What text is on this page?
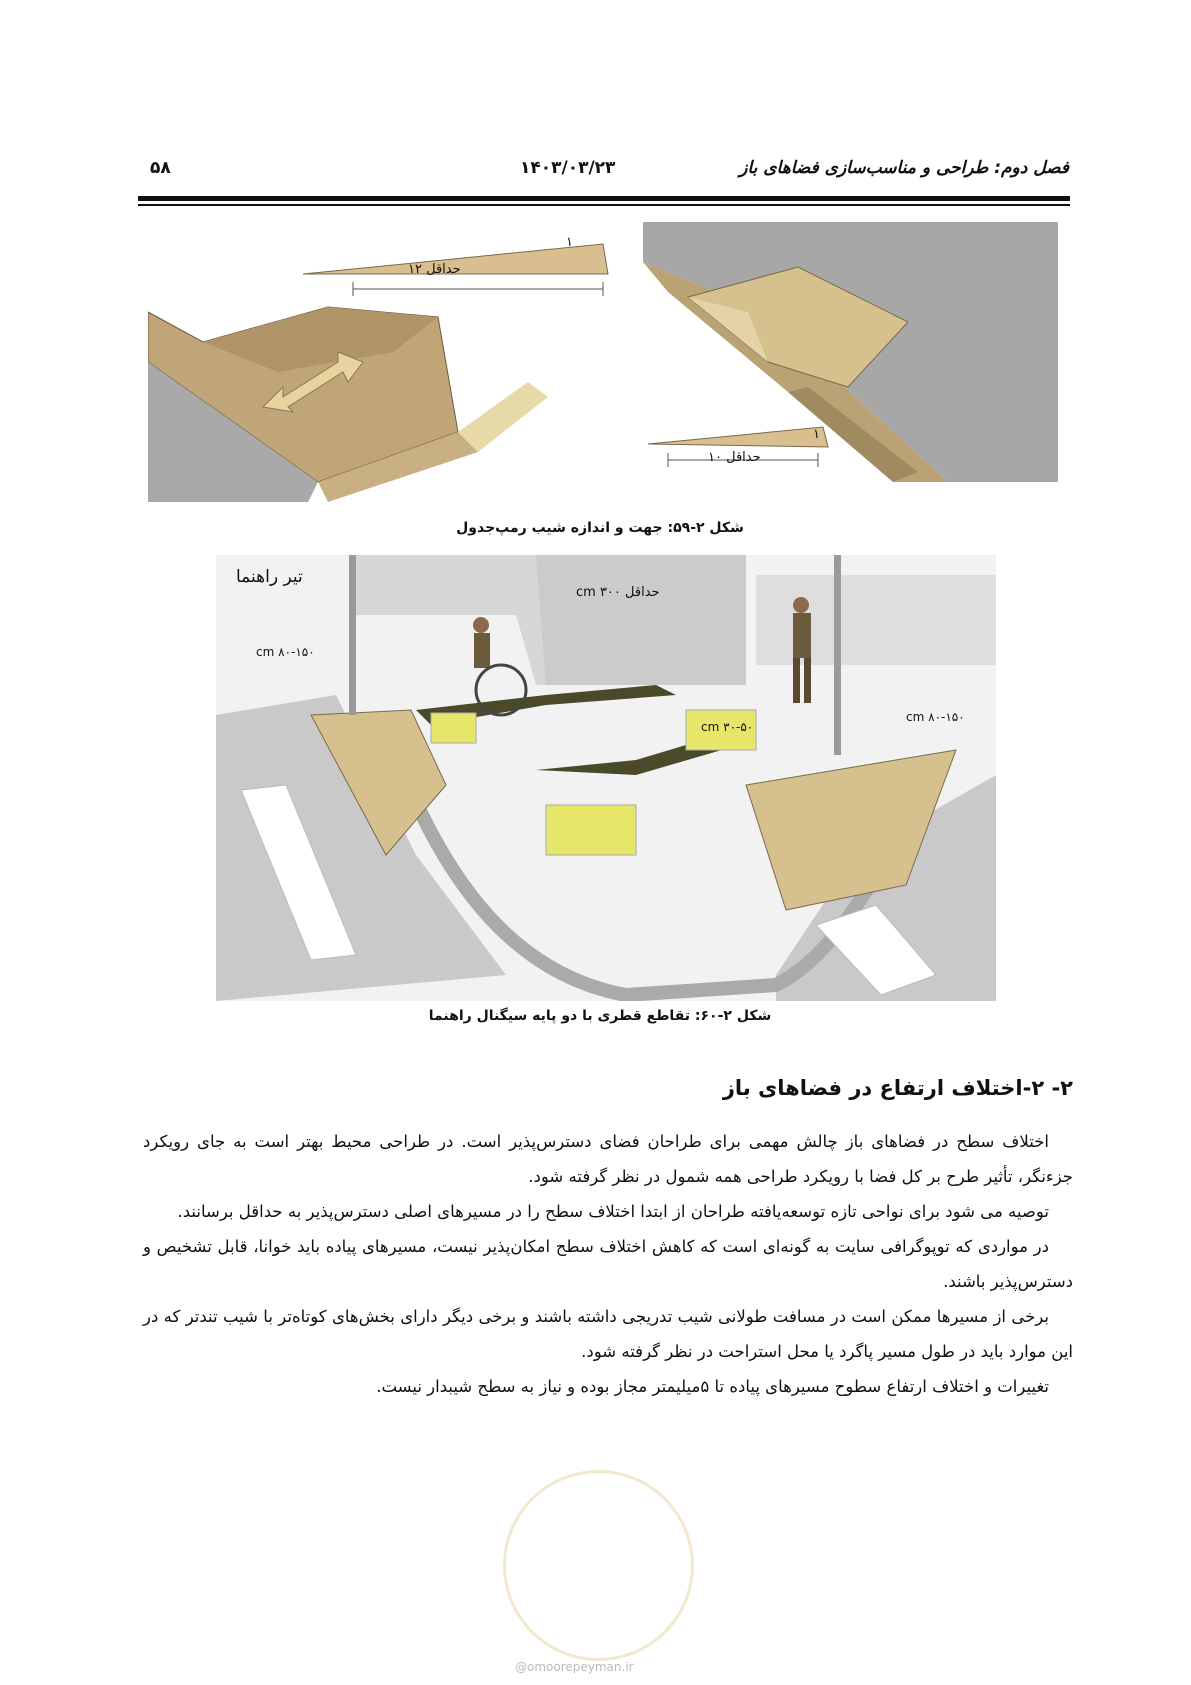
۵۸	۱۴۰۳/۰۳/۲۳	فصل دوم: طراحی و مناسب‌سازی فضاهای باز
حداقل ۱۲
۱
حداقل ۱۰
۱
شکل ۲-۵۹: جهت و اندازه شیب رمپ‌جدول
تیر راهنما
حداقل ۳۰۰ cm
۸۰-۱۵۰ cm
۸۰-۱۵۰ cm
۳۰-۵۰ cm
شکل ۲-۶۰: تقاطع قطری با دو پایه سیگنال راهنما
۲- ۲-اختلاف ارتفاع در فضاهای باز

اختلاف سطح در فضاهای باز چالش مهمی برای طراحان فضای دسترس‌پذیر است. در طراحی محیط بهتر است به جای رویکرد جزءنگر، تأثیر طرح بر کل فضا با رویکرد طراحی همه شمول در نظر گرفته شود.

توصیه می شود برای نواحی تازه توسعه‌یافته طراحان از ابتدا اختلاف سطح را در مسیرهای اصلی دسترس‌پذیر به حداقل برسانند.

در مواردی که توپوگرافی سایت به گونه‌ای است که کاهش اختلاف سطح امکان‌پذیر نیست، مسیرهای پیاده باید خوانا، قابل تشخیص و دسترس‌پذیر باشند.

برخی از مسیرها ممکن است در مسافت طولانی شیب تدریجی داشته باشند و برخی دیگر دارای بخش‌های کوتاه‌تر با شیب تندتر که در این موارد باید در طول مسیر پاگرد یا محل استراحت در نظر گرفته شود.

تغییرات و اختلاف ارتفاع سطوح مسیرهای پیاده تا ۵میلیمتر مجاز بوده و نیاز به سطح شیبدار نیست.

@omoorepeyman.ir
